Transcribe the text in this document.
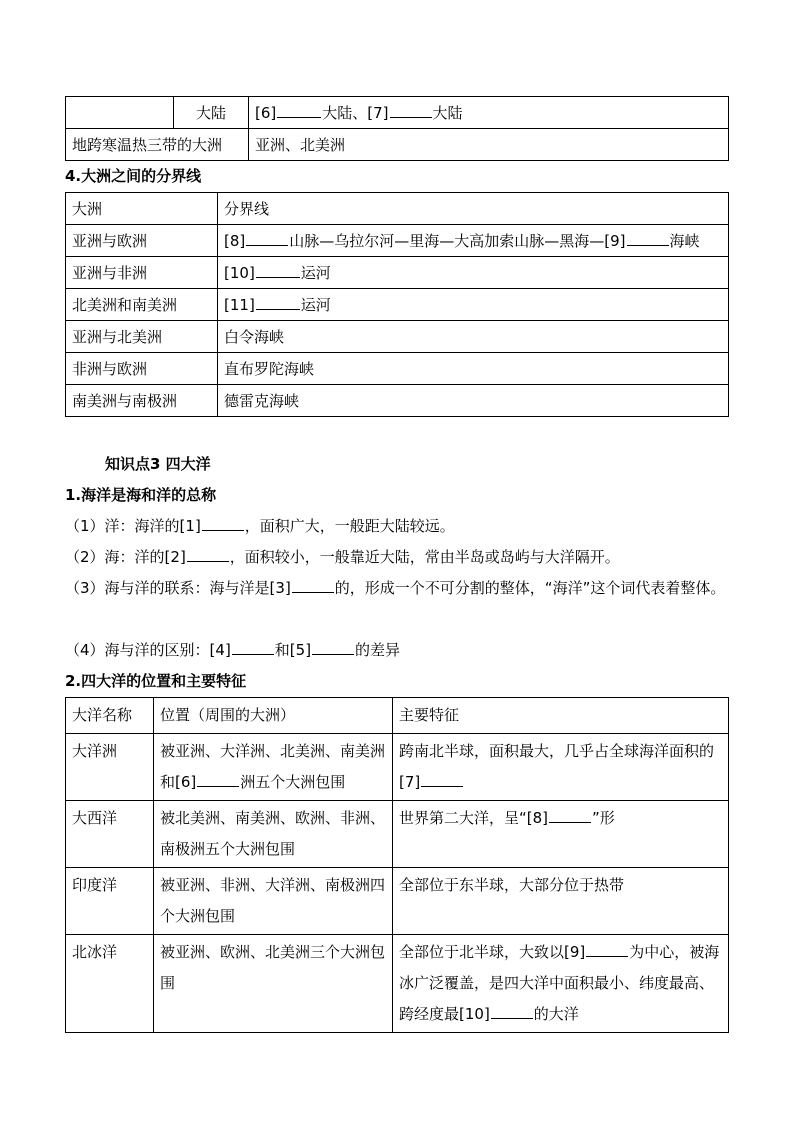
	大陆	[6] 大陆、[7] 大陆
地跨寒温热三带的大洲		亚洲、北美洲
4.大洲之间的分界线
大洲	分界线
亚洲与欧洲	[8] 山脉—乌拉尔河—里海—大高加索山脉—黑海—[9] 海峡
亚洲与非洲	[10] 运河
北美洲和南美洲	[11] 运河
亚洲与北美洲	白令海峡
非洲与欧洲	直布罗陀海峡
南美洲与南极洲	德雷克海峡
知识点3 四大洋
1.海洋是海和洋的总称
（1）洋：海洋的[1]	，面积广大，一般距大陆较远。
（2）海：洋的[2]	，面积较小，一般靠近大陆，常由半岛或岛屿与大洋隔开。
（3）海与洋的联系：海与洋是[3]	的，形成一个不可分割的整体，“海洋”这个词代表着整体。
（4）海与洋的区别：[4]	和[5]	的差异
2.四大洋的位置和主要特征
大洋名称	位置（周围的大洲）	主要特征
大洋洲	被亚洲、大洋洲、北美洲、南美洲和[6] 洲五个大洲包围	跨南北半球，面积最大，几乎占全球海洋面积的[7]
大西洋	被北美洲、南美洲、欧洲、非洲、南极洲五个大洲包围	世界第二大洋，呈“[8] ”形
印度洋	被亚洲、非洲、大洋洲、南极洲四个大洲包围	全部位于东半球，大部分位于热带
北冰洋	被亚洲、欧洲、北美洲三个大洲包围	全部位于北半球，大致以[9] 为中心，被海冰广泛覆盖，是四大洋中面积最小、纬度最高、跨经度最[10] 的大洋
